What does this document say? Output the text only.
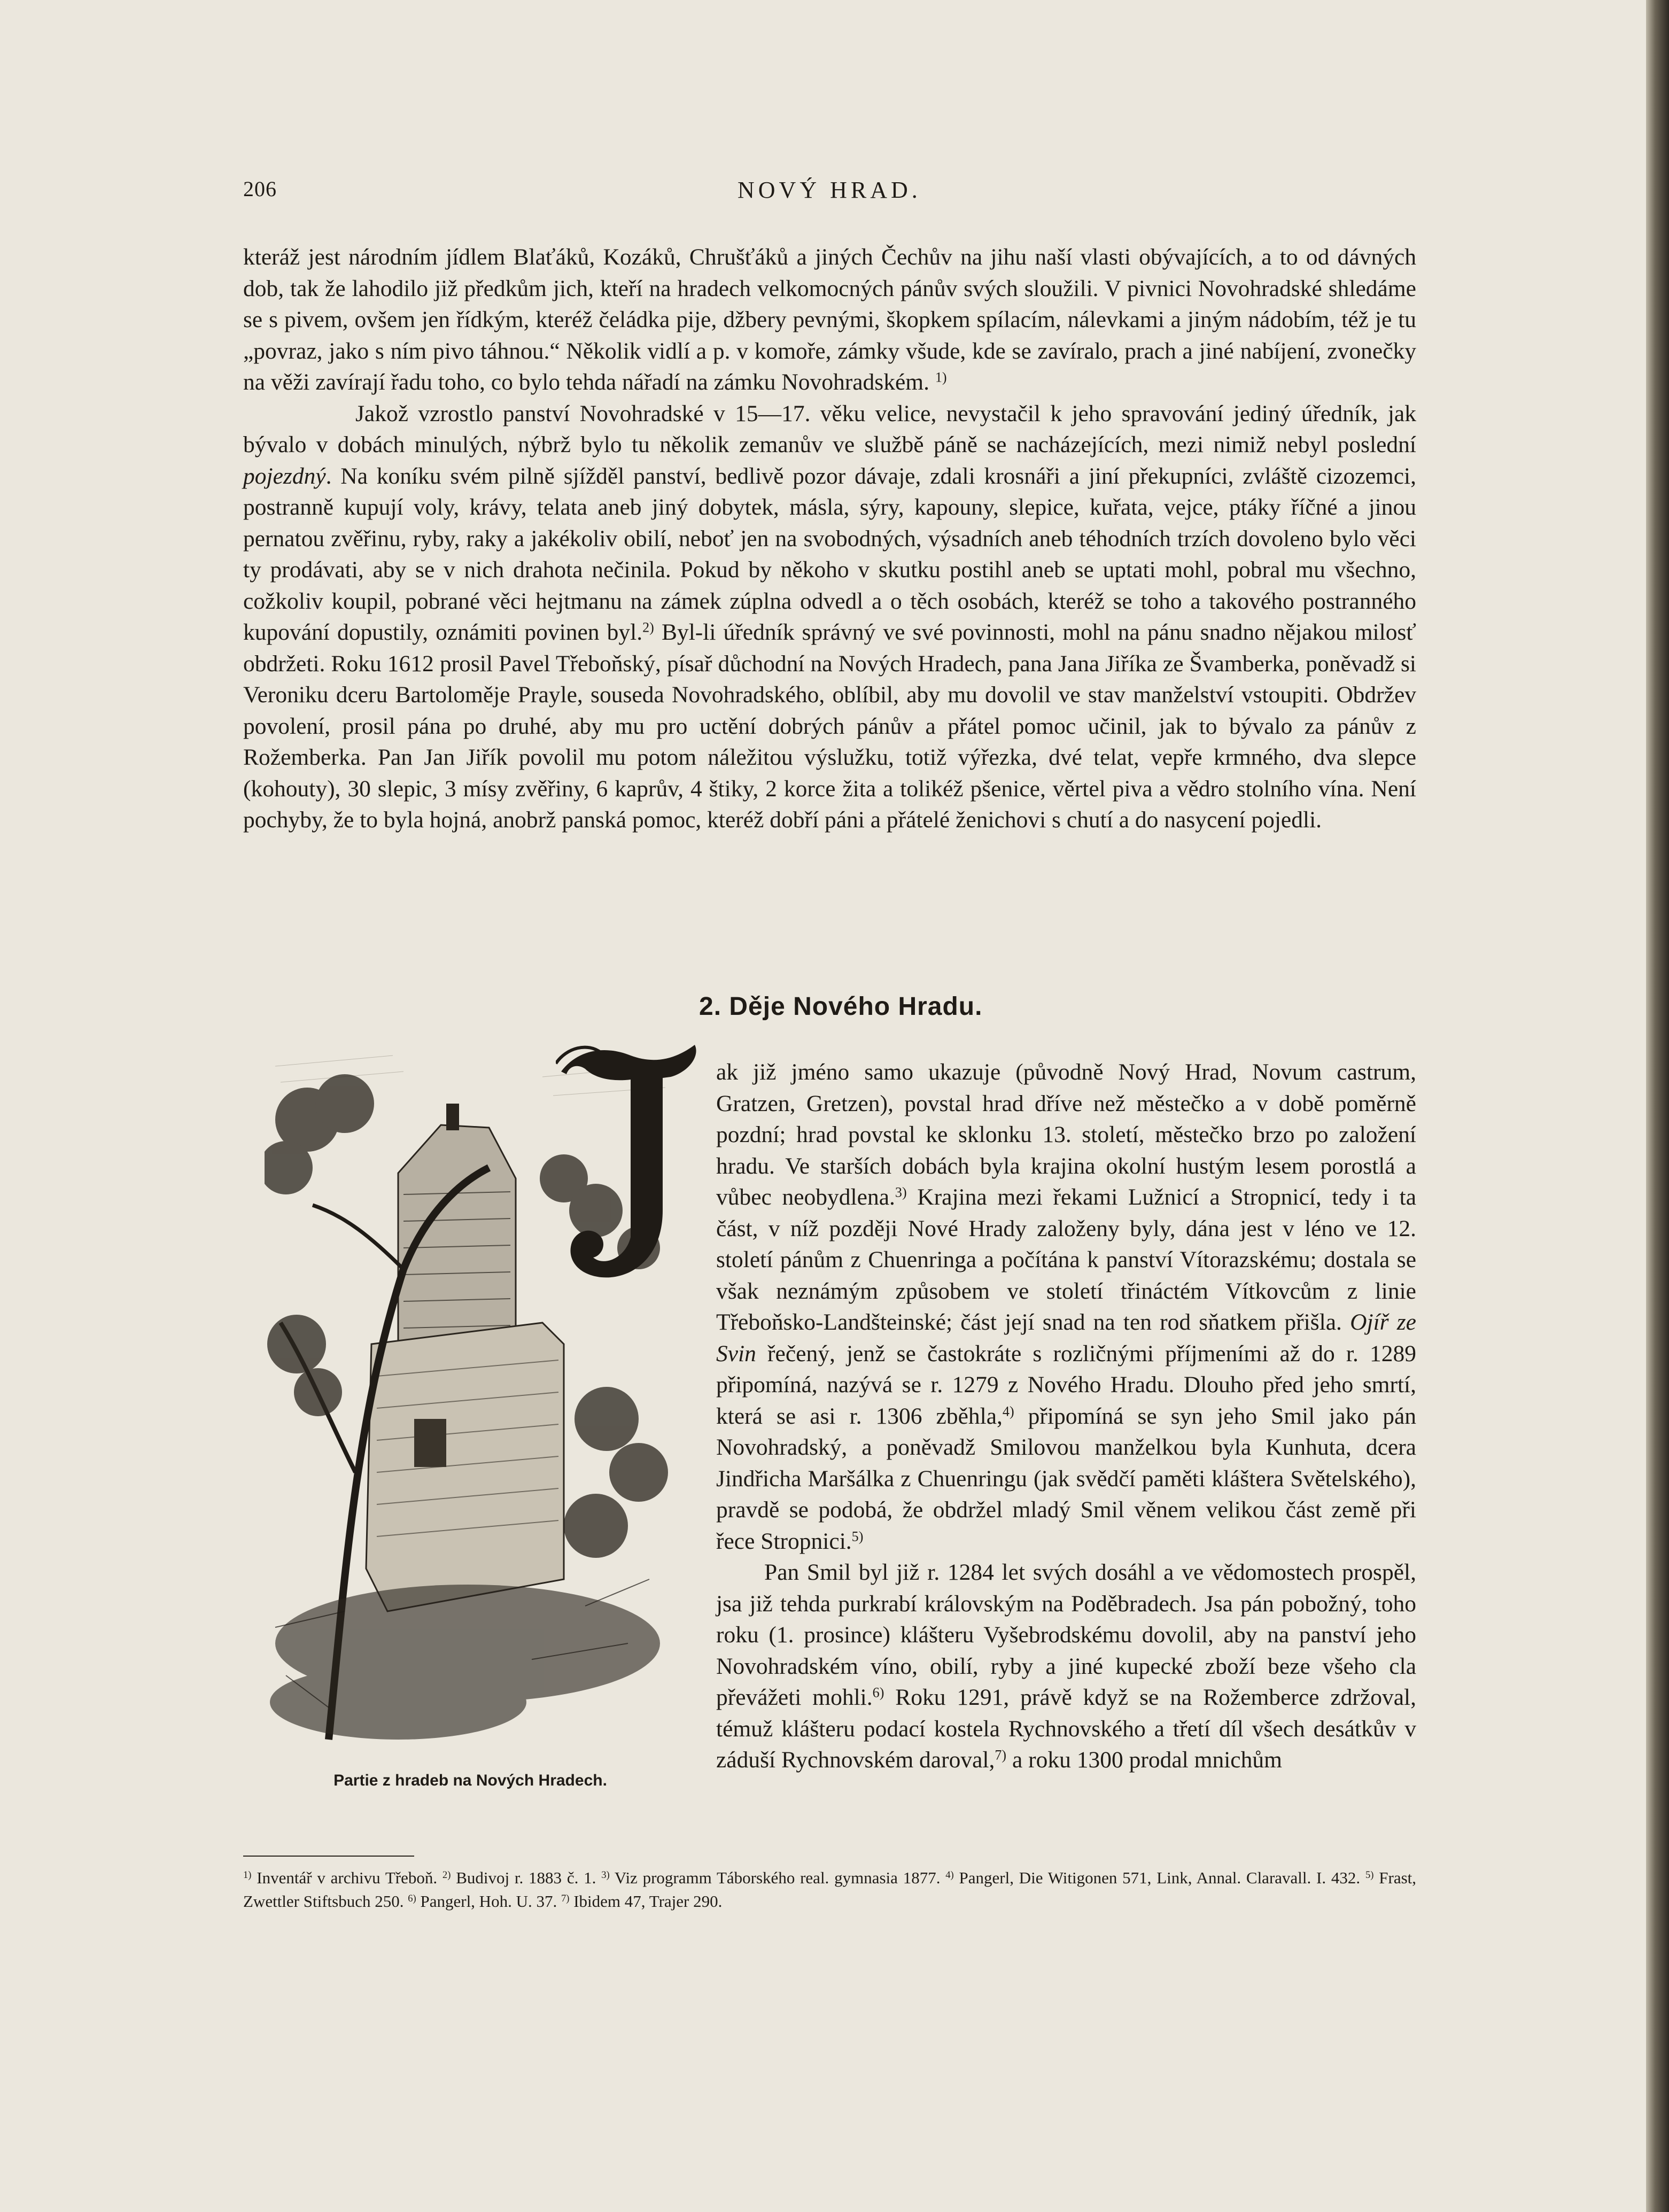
206	NOVÝ HRAD.

kteráž jest národním jídlem Blaťáků, Kozáků, Chrušťáků a jiných Čechův na jihu naší vlasti obývajících, a to od dávných dob, tak že lahodilo již předkům jich, kteří na hradech velkomocných pánův svých sloužili. V pivnici Novohradské shledáme se s pivem, ovšem jen řídkým, kteréž čeládka pije, džbery pevnými, škopkem spílacím, nálevkami a jiným nádobím, též je tu „povraz, jako s ním pivo táhnou.“ Několik vidlí a p. v komoře, zámky všude, kde se zavíralo, prach a jiné nabíjení, zvonečky na věži zavírají řadu toho, co bylo tehda nářadí na zámku Novohradském. $^{1)}$

Jakož vzrostlo panství Novohradské v 15—17. věku velice, nevystačil k jeho spravování jediný úředník, jak bývalo v dobách minulých, nýbrž bylo tu několik zemanův ve službě páně se nacházejících, mezi nimiž nebyl poslední pojezdný. Na koníku svém pilně sjížděl panství, bedlivě pozor dávaje, zdali krosnáři a jiní překupníci, zvláště cizozemci, postranně kupují voly, krávy, telata aneb jiný dobytek, másla, sýry, kapouny, slepice, kuřata, vejce, ptáky říčné a jinou pernatou zvěřinu, ryby, raky a jakékoliv obilí, neboť jen na svobodných, výsadních aneb téhodních trzích dovoleno bylo věci ty prodávati, aby se v nich drahota nečinila. Pokud by někoho v skutku postihl aneb se uptati mohl, pobral mu všechno, cožkoliv koupil, pobrané věci hejtmanu na zámek zúplna odvedl a o těch osobách, kteréž se toho a takového postranného kupování dopustily, oznámiti povinen byl.$^{2)}$ Byl-li úředník správný ve své povinnosti, mohl na pánu snadno nějakou milosť obdržeti. Roku 1612 prosil Pavel Třeboňský, písař důchodní na Nových Hradech, pana Jana Jiříka ze Švamberka, poněvadž si Veroniku dceru Bartoloměje Prayle, souseda Novohradského, oblíbil, aby mu dovolil ve stav manželství vstoupiti. Obdržev povolení, prosil pána po druhé, aby mu pro uctění dobrých pánův a přátel pomoc učinil, jak to bývalo za pánův z Rožemberka. Pan Jan Jiřík povolil mu potom náležitou výslužku, totiž výřezka, dvé telat, vepře krmného, dva slepce (kohouty), 30 slepic, 3 mísy zvěřiny, 6 kaprův, 4 štiky, 2 korce žita a tolikéž pšenice, věrtel piva a vědro stolního vína. Není pochyby, že to byla hojná, anobrž panská pomoc, kteréž dobří páni a přátelé ženichovi s chutí a do nasycení pojedli.

2. Děje Nového Hradu.
Partie z hradeb na Nových Hradech.

ak již jméno samo ukazuje (původně Nový Hrad, Novum castrum, Gratzen, Gretzen), povstal hrad dříve než městečko a v době poměrně pozdní; hrad povstal ke sklonku 13. století, městečko brzo po založení hradu. Ve starších dobách byla krajina okolní hustým lesem porostlá a vůbec neobydlena.$^{3)}$ Krajina mezi řekami Lužnicí a Stropnicí, tedy i ta část, v níž později Nové Hrady založeny byly, dána jest v léno ve 12. století pánům z Chuenringa a počítána k panství Vítorazskému; dostala se však neznámým způsobem ve století třináctém Vítkovcům z linie Třeboňsko-Landšteinské; část její snad na ten rod sňatkem přišla. Ojíř ze Svin řečený, jenž se častokráte s rozličnými příjmeními až do r. 1289 připomíná, nazývá se r. 1279 z Nového Hradu. Dlouho před jeho smrtí, která se asi r. 1306 zběhla,$^{4)}$ připomíná se syn jeho Smil jako pán Novohradský, a poněvadž Smilovou manželkou byla Kunhuta, dcera Jindřicha Maršálka z Chuenringu (jak svědčí paměti kláštera Světelského), pravdě se podobá, že obdržel mladý Smil věnem velikou část země při řece Stropnici.$^{5)}$

Pan Smil byl již r. 1284 let svých dosáhl a ve vědomostech prospěl, jsa již tehda purkrabí královským na Poděbradech. Jsa pán pobožný, toho roku (1. prosince) klášteru Vyšebrodskému dovolil, aby na panství jeho Novohradském víno, obilí, ryby a jiné kupecké zboží beze všeho cla převážeti mohli.$^{6)}$ Roku 1291, právě když se na Rožemberce zdržoval, témuž klášteru podací kostela Rychnovského a třetí díl všech desátkův v záduší Rychnovském daroval,$^{7)}$ a roku 1300 prodal mnichům

$^{1)}$ Inventář v archivu Třeboň. $^{2)}$ Budivoj r. 1883 č. 1. $^{3)}$ Viz programm Táborského real. gymnasia 1877. $^{4)}$ Pangerl, Die Witigonen 571, Link, Annal. Claravall. I. 432. $^{5)}$ Frast, Zwettler Stiftsbuch 250. $^{6)}$ Pangerl, Hoh. U. 37. $^{7)}$ Ibidem 47, Trajer 290.
